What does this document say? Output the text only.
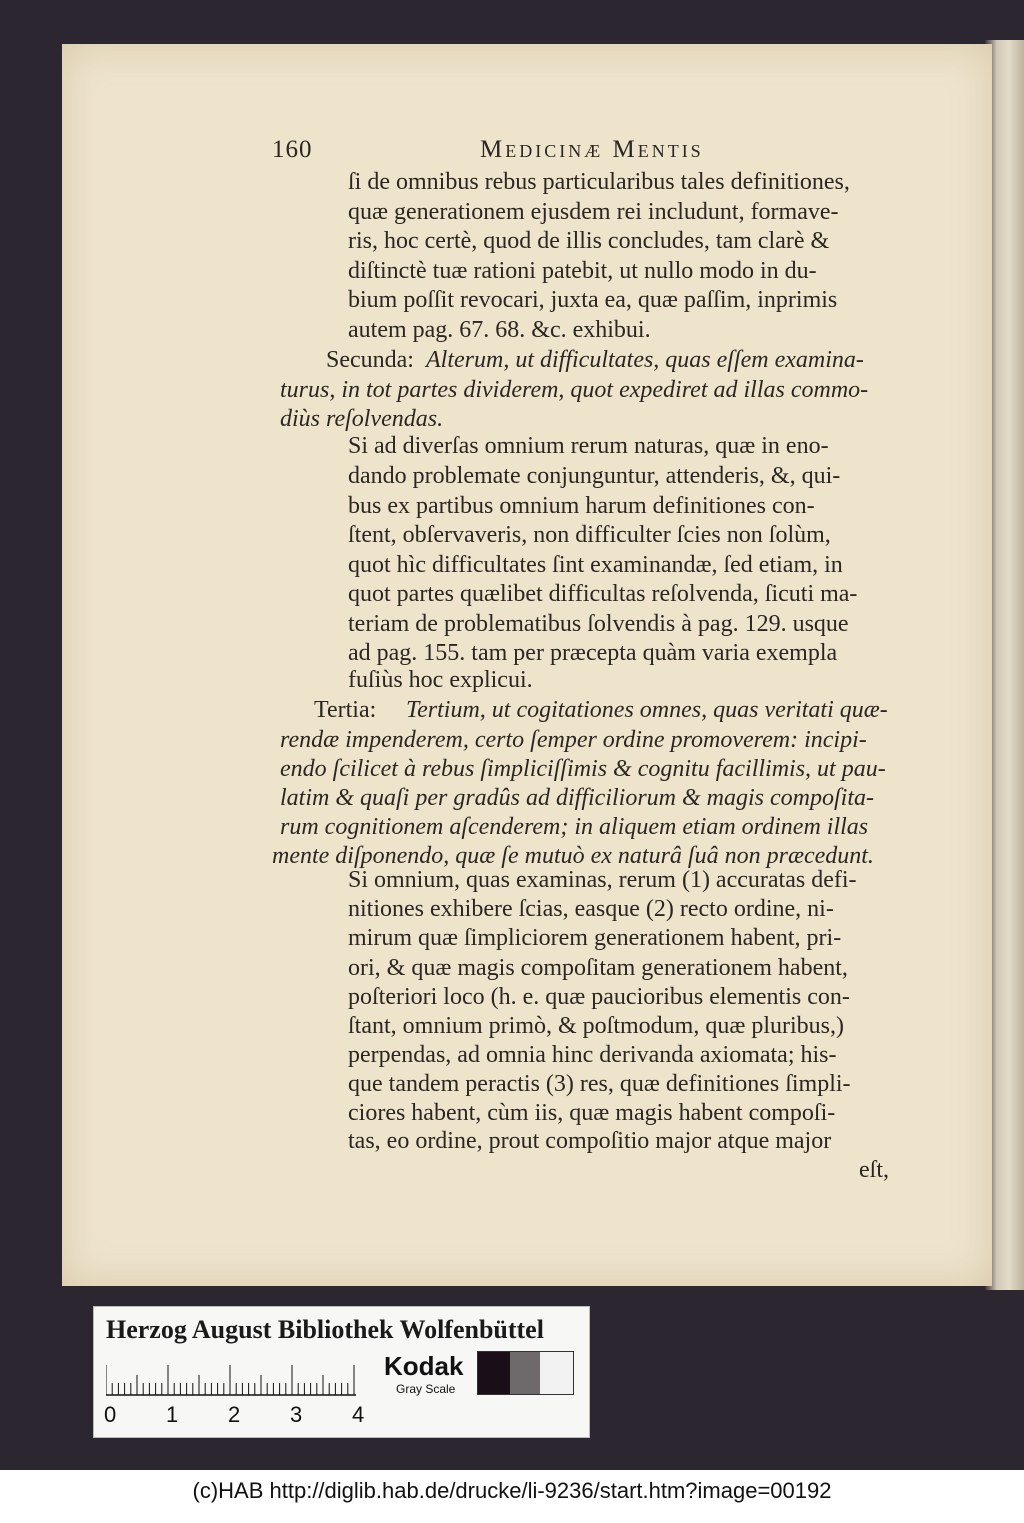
160	Medicinæ Mentis
ſi de omnibus rebus particularibus tales definitiones,
quæ generationem ejusdem rei includunt, formave-
ris, hoc certè, quod de illis concludes, tam clarè &
diſtinctè tuæ rationi patebit, ut nullo modo in du-
bium poſſit revocari, juxta ea, quæ paſſim, inprimis
autem pag. 67. 68. &c. exhibui.
Secunda: Alterum, ut difficultates, quas eſſem examina-
turus, in tot partes dividerem, quot expediret ad illas commo-
diùs reſolvendas.
Si ad diverſas omnium rerum naturas, quæ in eno-
dando problemate conjunguntur, attenderis, &, qui-
bus ex partibus omnium harum definitiones con-
ſtent, obſervaveris, non difficulter ſcies non ſolùm,
quot hìc difficultates ſint examinandæ, ſed etiam, in
quot partes quælibet difficultas reſolvenda, ſicuti ma-
teriam de problematibus ſolvendis à pag. 129. usque
ad pag. 155. tam per præcepta quàm varia exempla
fuſiùs hoc explicui.
Tertia: Tertium, ut cogitationes omnes, quas veritati quæ-
rendæ impenderem, certo ſemper ordine promoverem: incipi-
endo ſcilicet à rebus ſimpliciſſimis & cognitu facillimis, ut pau-
latim & quaſi per gradûs ad difficiliorum & magis compoſita-
rum cognitionem aſcenderem; in aliquem etiam ordinem illas
mente diſponendo, quæ ſe mutuò ex naturâ ſuâ non præcedunt.
Si omnium, quas examinas, rerum (1) accuratas defi-
nitiones exhibere ſcias, easque (2) recto ordine, ni-
mirum quæ ſimpliciorem generationem habent, pri-
ori, & quæ magis compoſitam generationem habent,
poſteriori loco (h. e. quæ paucioribus elementis con-
ſtant, omnium primò, & poſtmodum, quæ pluribus,)
perpendas, ad omnia hinc derivanda axiomata; his-
que tandem peractis (3) res, quæ definitiones ſimpli-
ciores habent, cùm iis, quæ magis habent compoſi-
tas, eo ordine, prout compoſitio major atque major
eſt,
Herzog August Bibliothek Wolfenbüttel
0 1 2 3 4
Kodak
Gray Scale
(c)HAB http://diglib.hab.de/drucke/li-9236/start.htm?image=00192
